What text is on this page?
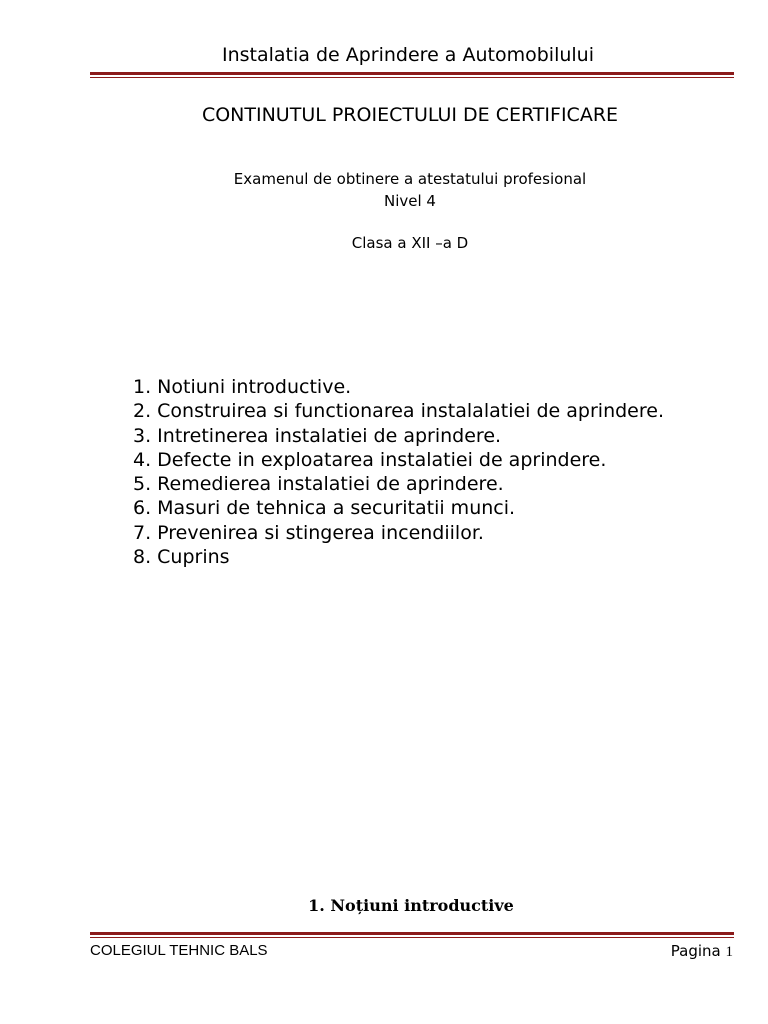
Instalatia de Aprindere a Automobilului
CONTINUTUL PROIECTULUI DE CERTIFICARE
Examenul de obtinere a atestatului profesional
Nivel 4
Clasa a XII –a D
1. Notiuni introductive.
2. Construirea si functionarea instalalatiei de aprindere.
3. Intretinerea instalatiei de aprindere.
4. Defecte in exploatarea instalatiei de aprindere.
5. Remedierea instalatiei de aprindere.
6. Masuri de tehnica a securitatii munci.
7. Prevenirea si stingerea incendiilor.
8. Cuprins
1. Noțiuni introductive
COLEGIUL TEHNIC BALS	Pagina 1
